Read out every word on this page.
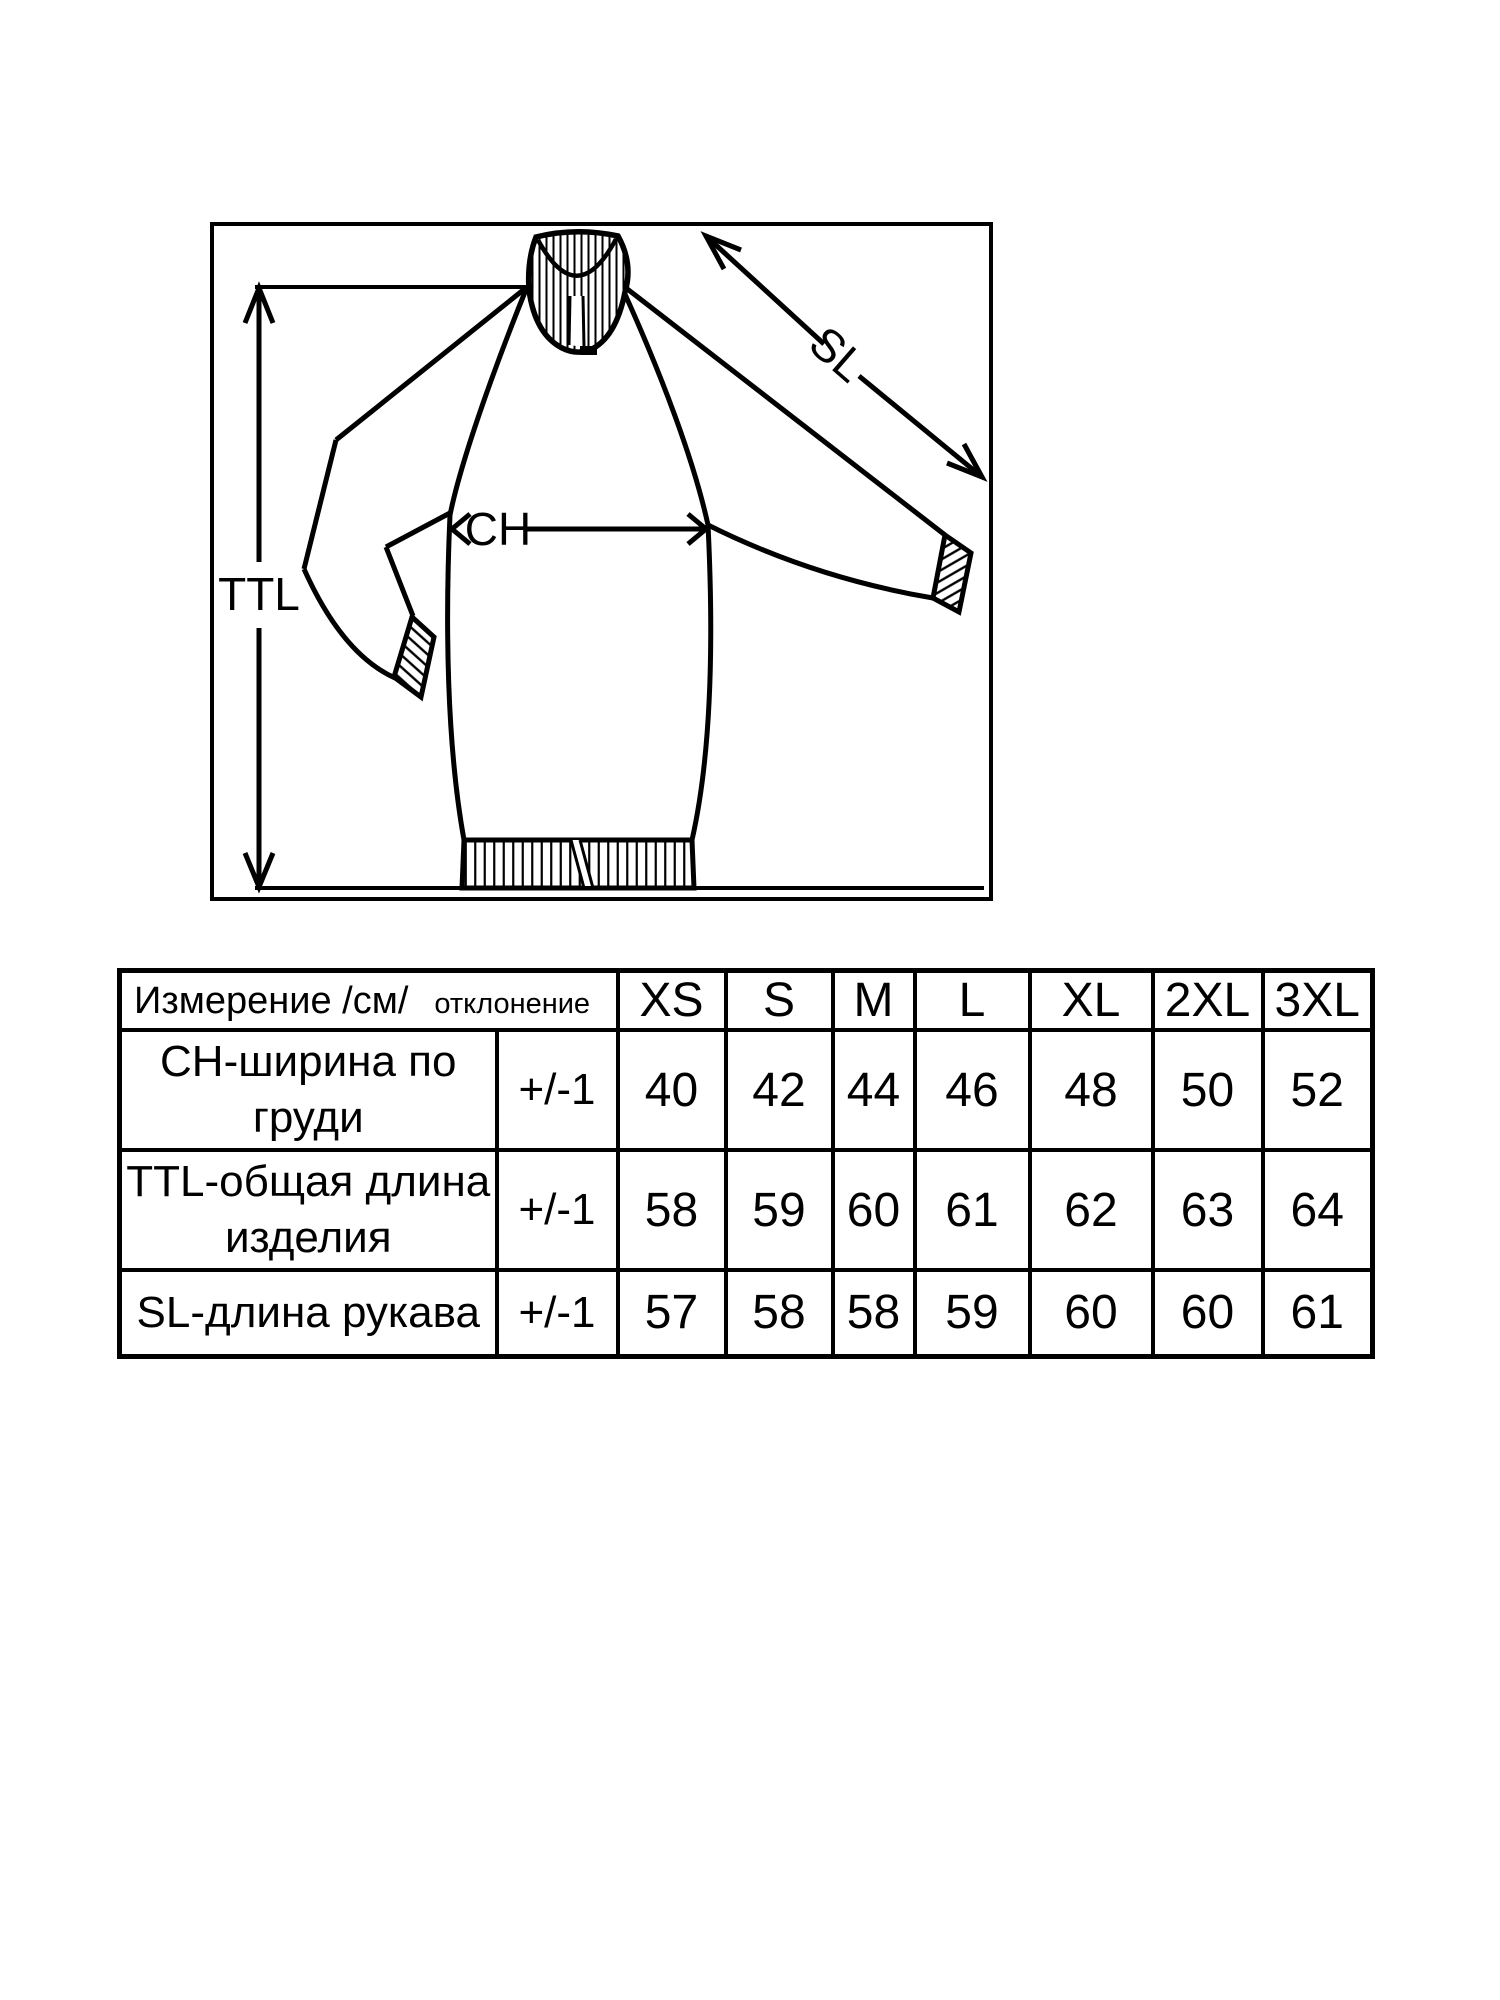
TTL
CH
SL
Измерение /см/ отклонение		XS	S	M	L	XL	2XL	3XL
CH-ширина по груди	+/-1	40	42	44	46	48	50	52
TTL-общая длина изделия	+/-1	58	59	60	61	62	63	64
SL-длина рукава	+/-1	57	58	58	59	60	60	61
